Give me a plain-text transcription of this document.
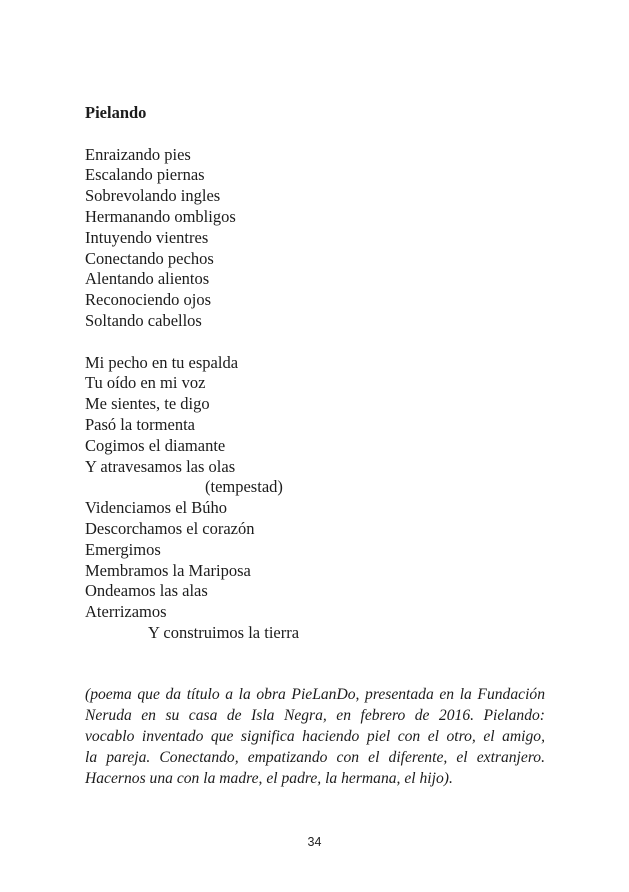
Pielando
Enraizando pies
Escalando piernas
Sobrevolando ingles
Hermanando ombligos
Intuyendo vientres
Conectando pechos
Alentando alientos
Reconociendo ojos
Soltando cabellos
Mi pecho en tu espalda
Tu oído en mi voz
Me sientes, te digo
Pasó la tormenta
Cogimos el diamante
Y atravesamos las olas
(tempestad)
Videnciamos el Búho
Descorchamos el corazón
Emergimos
Membramos la Mariposa
Ondeamos las alas
Aterrizamos
Y construimos la tierra
(poema que da título a la obra PieLanDo, presentada en la Fundación
Neruda en su casa de Isla Negra, en febrero de 2016. Pielando:
vocablo inventado que significa haciendo piel con el otro, el amigo,
la pareja. Conectando, empatizando con el diferente, el extranjero.
Hacernos una con la madre, el padre, la hermana, el hijo).
34
